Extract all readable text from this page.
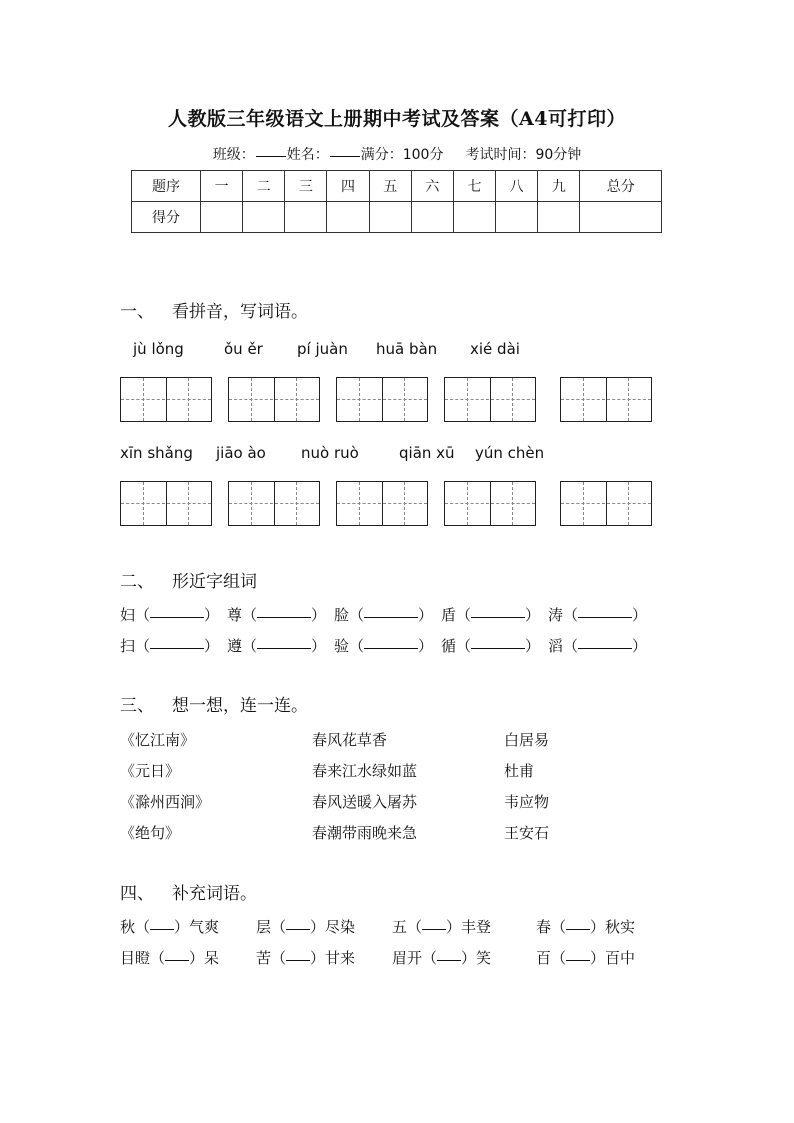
人教版三年级语文上册期中考试及答案（A4可打印）
班级： 姓名： 满分：100分 考试时间：90分钟
题序	一	二	三	四	五	六	七	八	九	总分
得分										
一、 看拼音，写词语。
jù lǒng	ǒu ěr pí juàn huā bàn xié dài
xīn shǎng jiāo ào nuò ruò	qiān xū yún chèn
二、 形近字组词
妇（	） 尊（	） 脸（	） 盾（	） 涛（	）
扫（	） 遵（	） 验（	） 循（	） 滔（	）
三、 想一想，连一连。
《忆江南》	春风花草香	白居易
《元日》	春来江水绿如蓝	杜甫
《滁州西涧》	春风送暖入屠苏	韦应物
《绝句》	春潮带雨晚来急	王安石
四、 补充词语。
秋（ ）气爽 层（ ）尽染 五（ ）丰登	春（ ）秋实
目瞪（ ）呆 苦（ ）甘来 眉开（ ）笑	百（ ）百中
